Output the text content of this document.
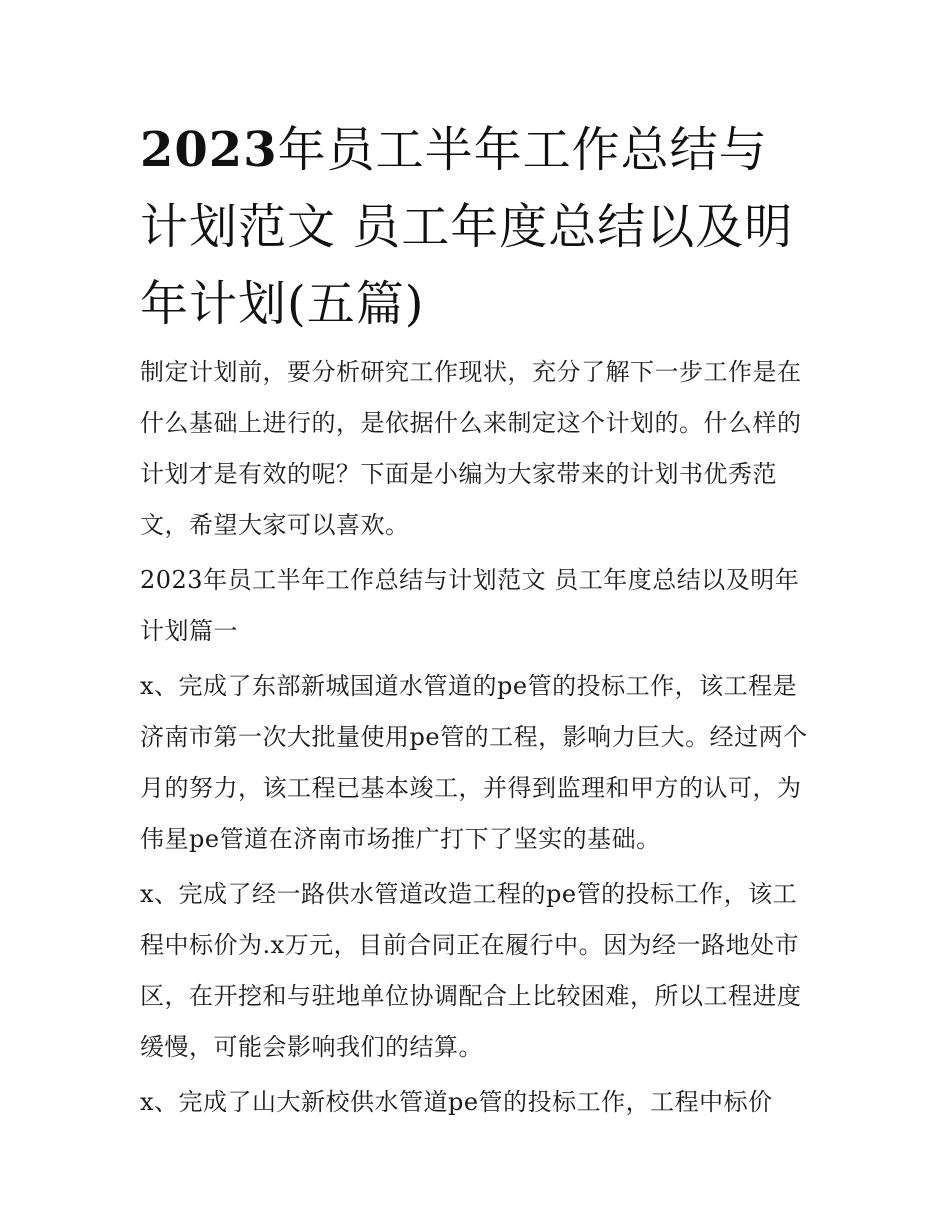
2023年员工半年工作总结与计划范文 员工年度总结以及明年计划(五篇)

制定计划前，要分析研究工作现状，充分了解下一步工作是在什么基础上进行的，是依据什么来制定这个计划的。什么样的计划才是有效的呢？下面是小编为大家带来的计划书优秀范文，希望大家可以喜欢。

2023年员工半年工作总结与计划范文 员工年度总结以及明年计划篇一

x、完成了东部新城国道水管道的pe管的投标工作，该工程是济南市第一次大批量使用pe管的工程，影响力巨大。经过两个月的努力，该工程已基本竣工，并得到监理和甲方的认可，为伟星pe管道在济南市场推广打下了坚实的基础。

x、完成了经一路供水管道改造工程的pe管的投标工作，该工程中标价为.x万元，目前合同正在履行中。因为经一路地处市区，在开挖和与驻地单位协调配合上比较困难，所以工程进度缓慢，可能会影响我们的结算。

x、完成了山大新校供水管道pe管的投标工作，工程中标价
